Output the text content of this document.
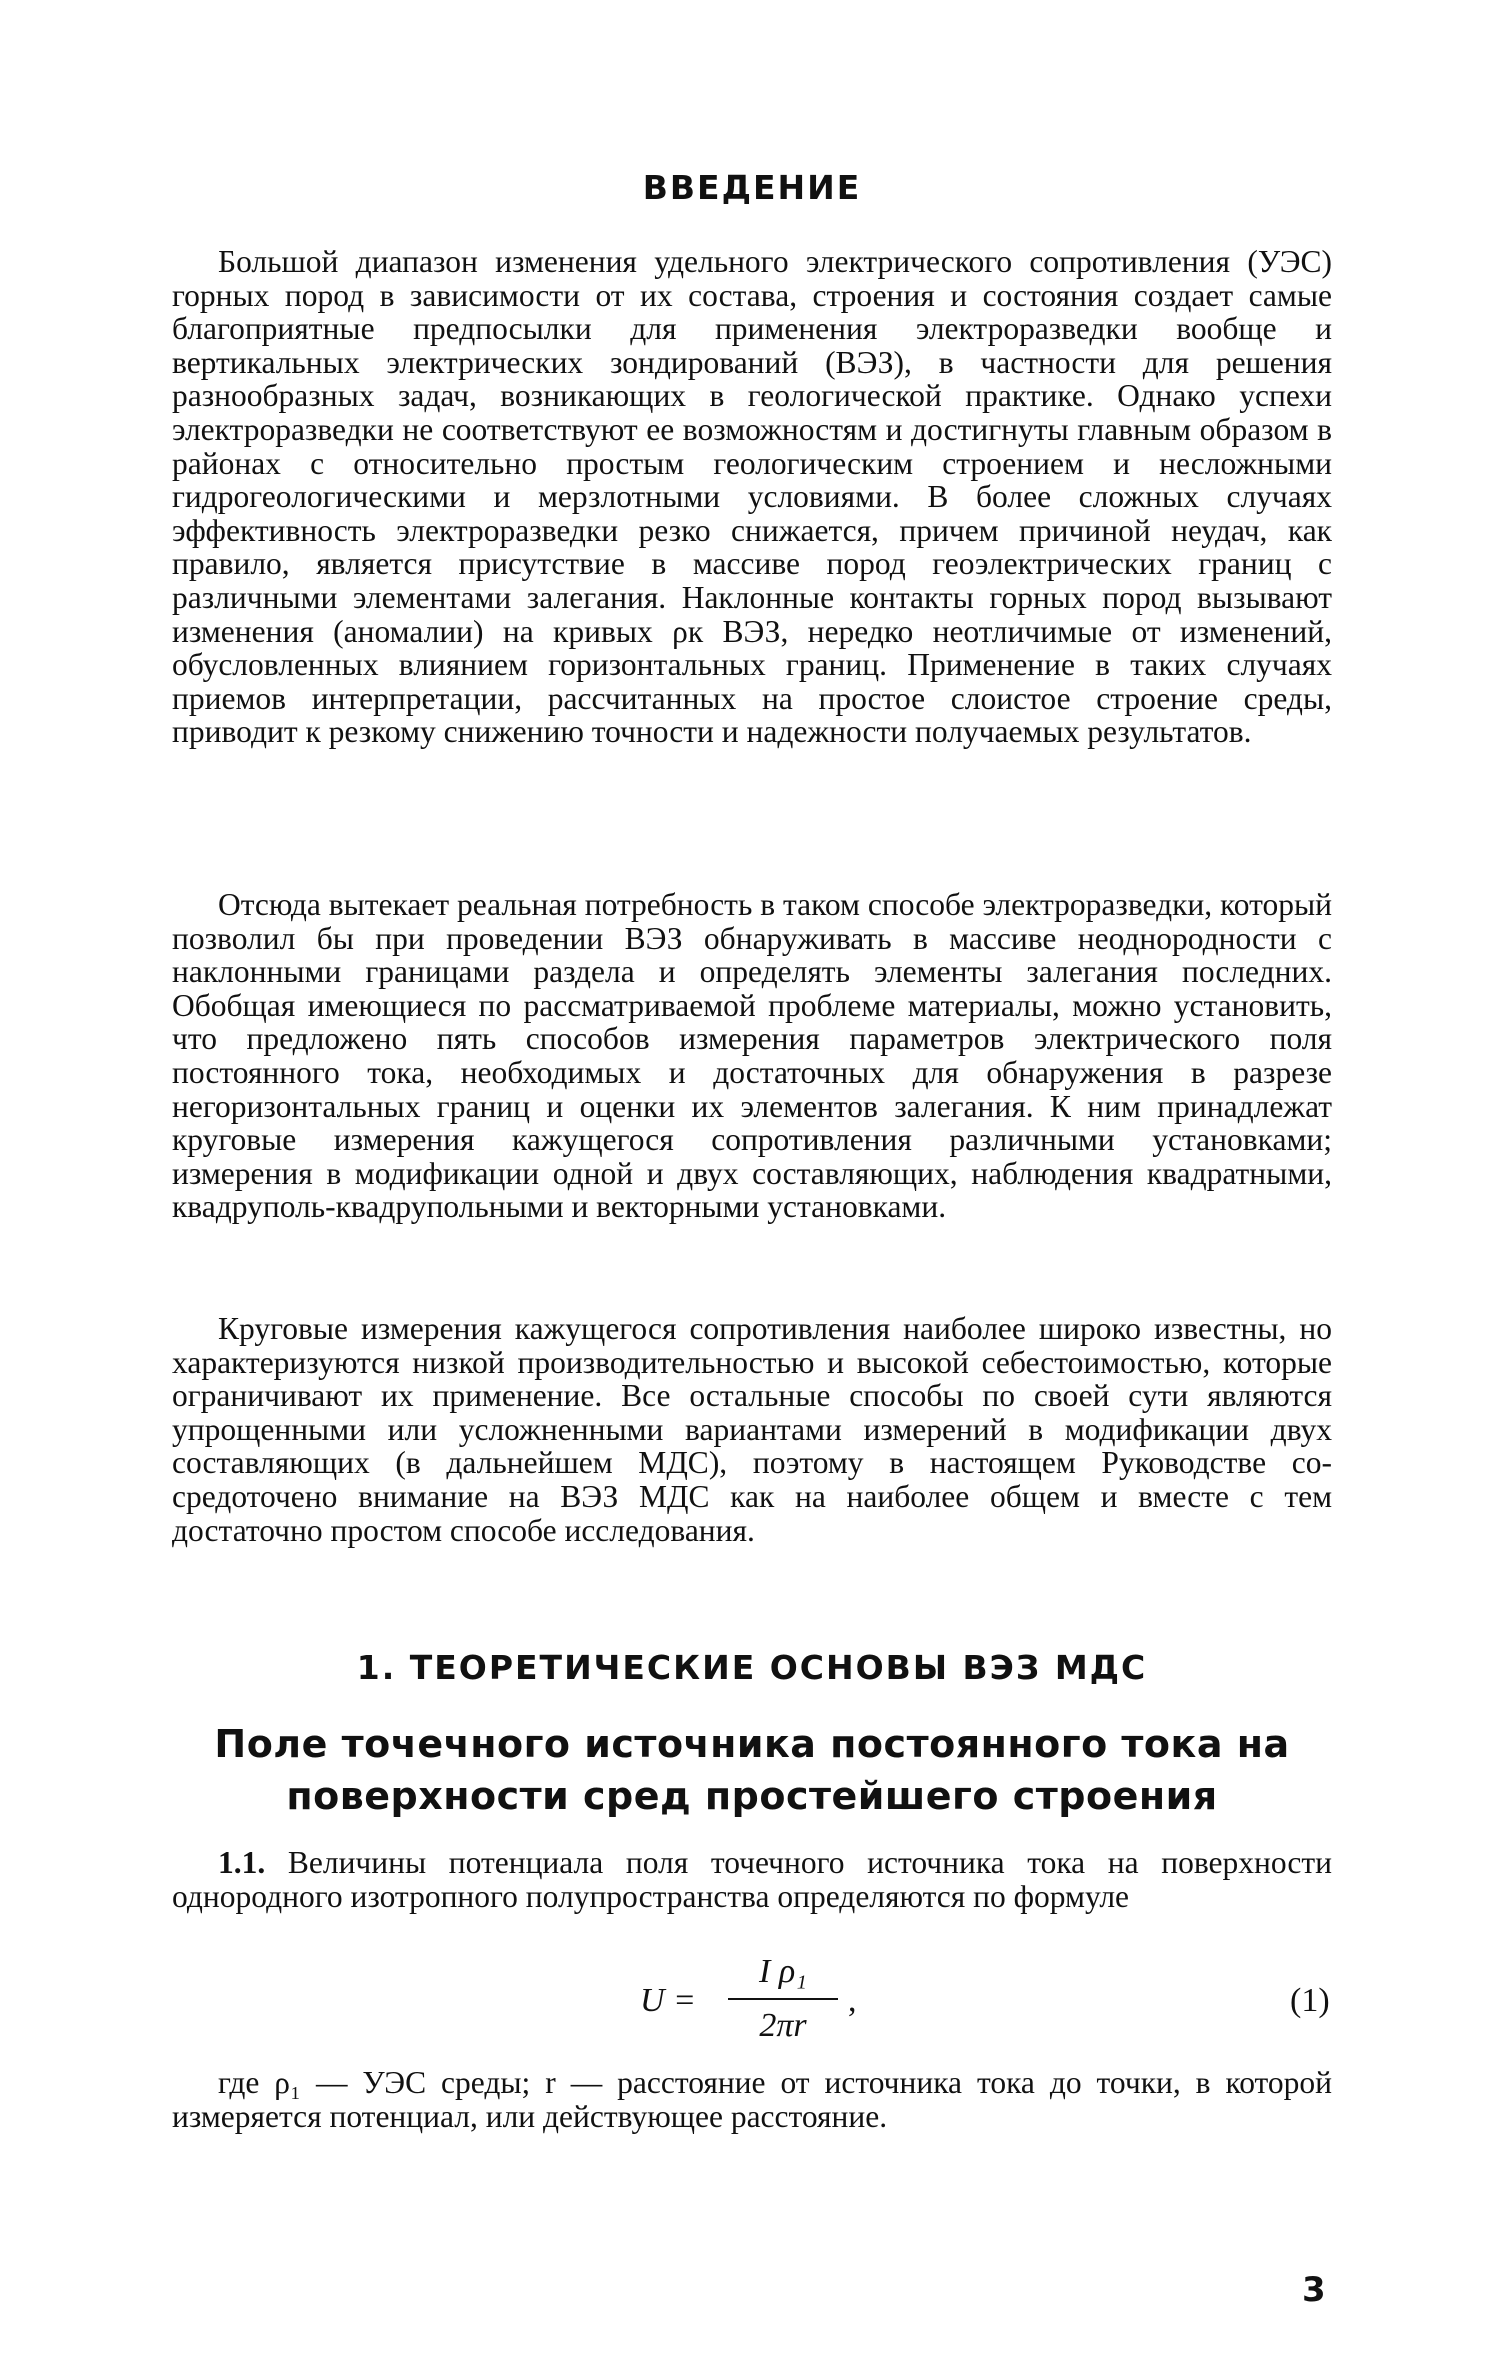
ВВЕДЕНИЕ

Большой диапазон изменения удельного электрического сопротивления (УЭС) горных пород в зависимости от их состава, строения и состояния создает самые благоприятные предпосылки для применения электроразведки вообще и вертикальных электрических зондирований (ВЭЗ), в частности для решения разнообразных задач, возникающих в геологической практике. Однако успехи электроразведки не соответствуют ее возможностям и достигнуты главным образом в районах с относительно простым геологическим строением и несложными гидрогеологическими и мерзлотными условиями. В более сложных случаях эффективность электроразведки резко снижается, причем причиной неудач, как правило, является присутствие в массиве пород геоэлектрических границ с различными элементами залегания. Наклонные контакты горных пород вызывают изменения (аномалии) на кривых ρк ВЭЗ, нередко неотличимые от изменений, обусловленных влиянием горизонтальных границ. Применение в таких случаях приемов интерпретации, рассчитанных на простое слоистое строение среды, приводит к резкому снижению точности и надежности получаемых результатов.

Отсюда вытекает реальная потребность в таком способе электроразведки, который позволил бы при проведении ВЭЗ обнаруживать в массиве неоднородности с наклонными границами раздела и определять элементы залегания последних. Обобщая имеющиеся по рассматриваемой проблеме материалы, можно установить, что предложено пять способов измерения параметров электрического поля постоянного тока, необходимых и достаточных для обнаружения в разрезе негоризонтальных границ и оценки их элементов залегания. К ним принадлежат круговые измерения кажущегося сопротивления различными установками; измерения в модификации одной и двух составляющих, наблюдения квадратными, квадруполь-квадрупольными и векторными установками.

Круговые измерения кажущегося сопротивления наиболее широко известны, но характеризуются низкой производительностью и высокой себестоимостью, которые ограничивают их применение. Все остальные способы по своей сути являются упрощенными или усложненными вариантами измерений в модификации двух составляющих (в дальнейшем МДС), поэтому в настоящем Руководстве сосредоточено внимание на ВЭЗ МДС как на наиболее общем и вместе с тем достаточно простом способе исследования.

1. ТЕОРЕТИЧЕСКИЕ ОСНОВЫ ВЭЗ МДС
Поле точечного источника постоянного тока на поверхности сред простейшего строения

1.1. Величины потенциала поля точечного источника тока на поверхности однородного изотропного полупространства определяются по формуле

U =
I ρ₁
2πr
,	(1)

где ρ₁ — УЭС среды; r — расстояние от источника тока до точки, в которой измеряется потенциал, или действующее расстояние.

3
